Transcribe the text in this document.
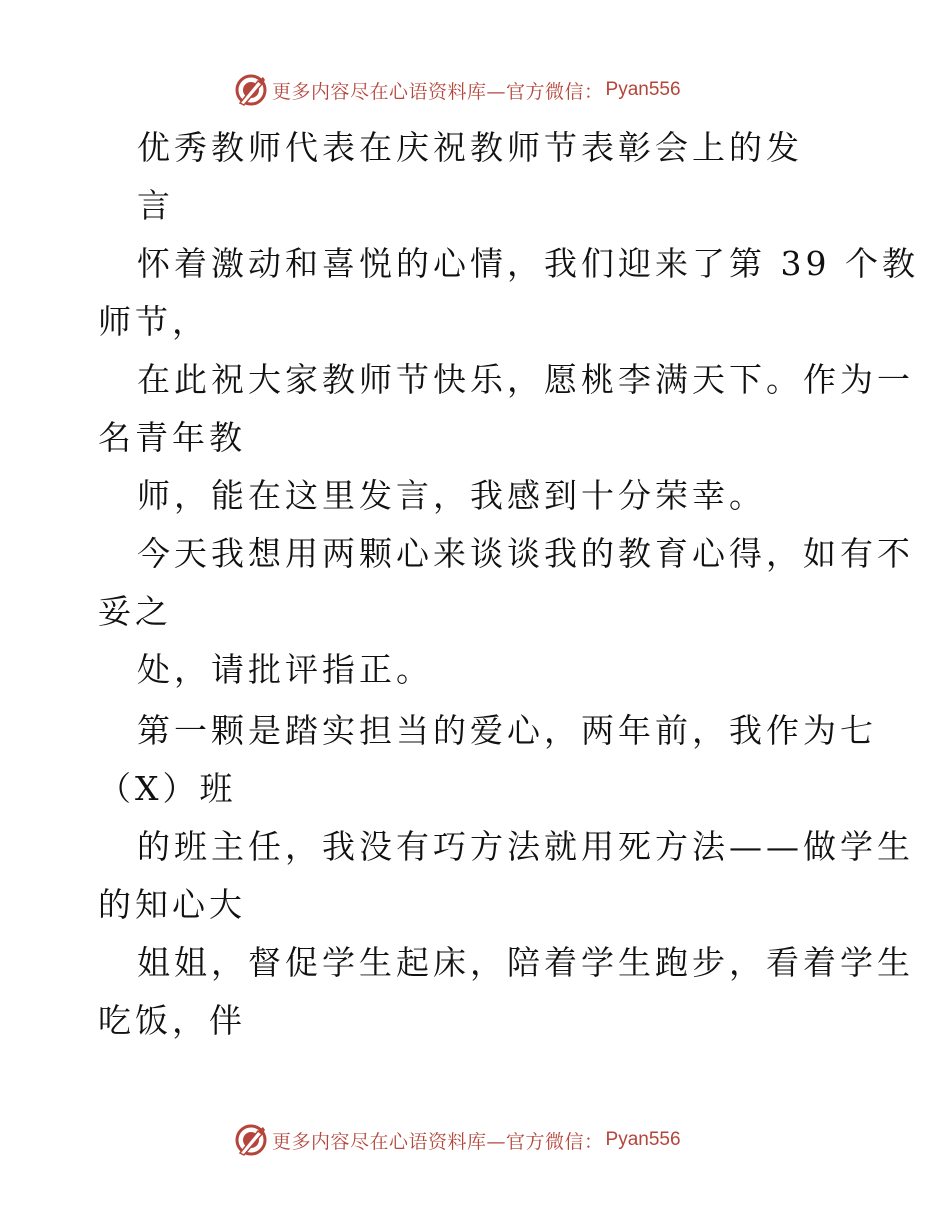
更多内容尽在心语资料库—官方微信： Pyan556
优秀教师代表在庆祝教师节表彰会上的发
言
怀着激动和喜悦的心情，我们迎来了第 39 个教
师节，
在此祝大家教师节快乐，愿桃李满天下。作为一
名青年教
师，能在这里发言，我感到十分荣幸。
今天我想用两颗心来谈谈我的教育心得，如有不
妥之
处，请批评指正。
第一颗是踏实担当的爱心，两年前，我作为七
（X）班
的班主任，我没有巧方法就用死方法——做学生
的知心大
姐姐，督促学生起床，陪着学生跑步，看着学生
吃饭，伴
更多内容尽在心语资料库—官方微信： Pyan556
